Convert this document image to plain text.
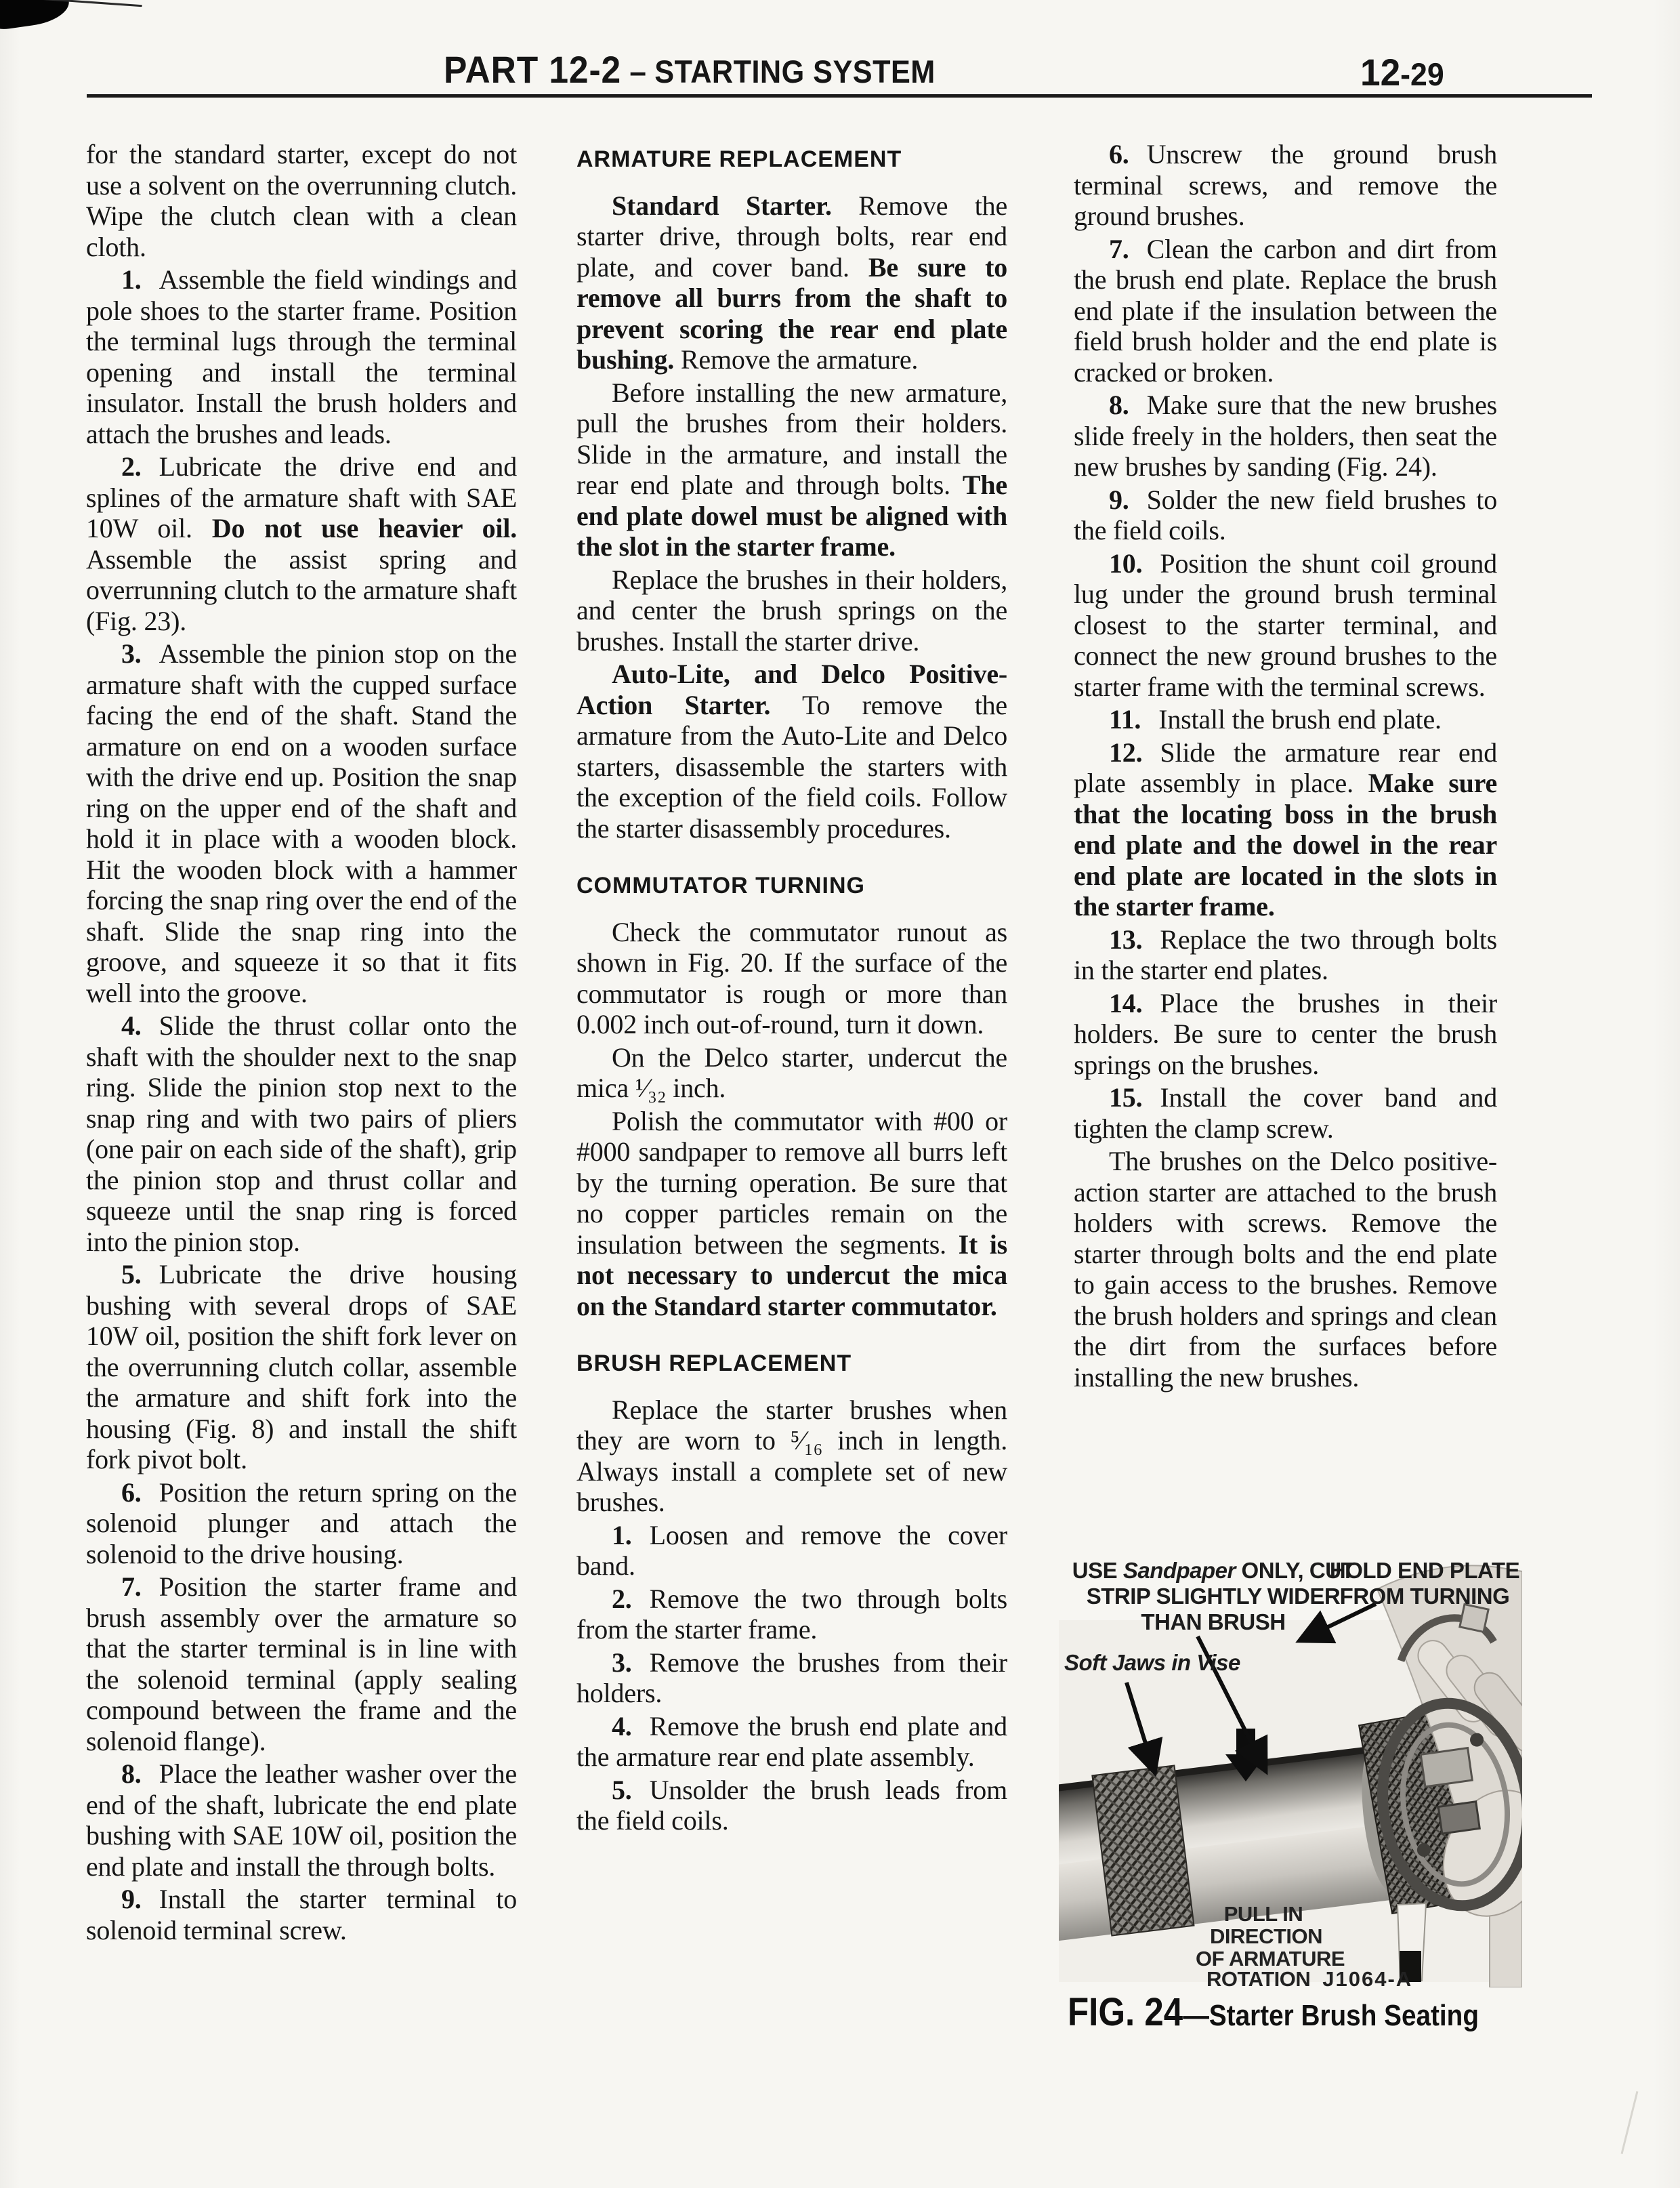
PART 12-2 – STARTING SYSTEM	12-29

for the standard starter, except do not use a solvent on the overrunning clutch. Wipe the clutch clean with a clean cloth.

1. Assemble the field windings and pole shoes to the starter frame. Position the terminal lugs through the terminal opening and install the terminal insulator. Install the brush holders and attach the brushes and leads.

2. Lubricate the drive end and splines of the armature shaft with SAE 10W oil. Do not use heavier oil. Assemble the assist spring and overrunning clutch to the armature shaft (Fig. 23).

3. Assemble the pinion stop on the armature shaft with the cupped surface facing the end of the shaft. Stand the armature on end on a wooden surface with the drive end up. Position the snap ring on the upper end of the shaft and hold it in place with a wooden block. Hit the wooden block with a hammer forcing the snap ring over the end of the shaft. Slide the snap ring into the groove, and squeeze it so that it fits well into the groove.

4. Slide the thrust collar onto the shaft with the shoulder next to the snap ring. Slide the pinion stop next to the snap ring and with two pairs of pliers (one pair on each side of the shaft), grip the pinion stop and thrust collar and squeeze until the snap ring is forced into the pinion stop.

5. Lubricate the drive housing bushing with several drops of SAE 10W oil, position the shift fork lever on the overrunning clutch collar, assemble the armature and shift fork into the housing (Fig. 8) and install the shift fork pivot bolt.

6. Position the return spring on the solenoid plunger and attach the solenoid to the drive housing.

7. Position the starter frame and brush assembly over the armature so that the starter terminal is in line with the solenoid terminal (apply sealing compound between the frame and the solenoid flange).

8. Place the leather washer over the end of the shaft, lubricate the end plate bushing with SAE 10W oil, position the end plate and install the through bolts.

9. Install the starter terminal to solenoid terminal screw.

ARMATURE REPLACEMENT

Standard Starter. Remove the starter drive, through bolts, rear end plate, and cover band. Be sure to remove all burrs from the shaft to prevent scoring the rear end plate bushing. Remove the armature.

Before installing the new armature, pull the brushes from their holders. Slide in the armature, and install the rear end plate and through bolts. The end plate dowel must be aligned with the slot in the starter frame.

Replace the brushes in their holders, and center the brush springs on the brushes. Install the starter drive.

Auto-Lite, and Delco Positive-Action Starter. To remove the armature from the Auto-Lite and Delco starters, disassemble the starters with the exception of the field coils. Follow the starter disassembly procedures.

COMMUTATOR TURNING

Check the commutator runout as shown in Fig. 20. If the surface of the commutator is rough or more than 0.002 inch out-of-round, turn it down.

On the Delco starter, undercut the mica ¹⁄₃₂ inch.

Polish the commutator with #00 or #000 sandpaper to remove all burrs left by the turning operation. Be sure that no copper particles remain on the insulation between the segments. It is not necessary to undercut the mica on the Standard starter commutator.

BRUSH REPLACEMENT

Replace the starter brushes when they are worn to ⁵⁄₁₆ inch in length. Always install a complete set of new brushes.

1. Loosen and remove the cover band.

2. Remove the two through bolts from the starter frame.

3. Remove the brushes from their holders.

4. Remove the brush end plate and the armature rear end plate assembly.

5. Unsolder the brush leads from the field coils.

6. Unscrew the ground brush terminal screws, and remove the ground brushes.

7. Clean the carbon and dirt from the brush end plate. Replace the brush end plate if the insulation between the field brush holder and the end plate is cracked or broken.

8. Make sure that the new brushes slide freely in the holders, then seat the new brushes by sanding (Fig. 24).

9. Solder the new field brushes to the field coils.

10. Position the shunt coil ground lug under the ground brush terminal closest to the starter terminal, and connect the new ground brushes to the starter frame with the terminal screws.

11. Install the brush end plate.

12. Slide the armature rear end plate assembly in place. Make sure that the locating boss in the brush end plate and the dowel in the rear end plate are located in the slots in the starter frame.

13. Replace the two through bolts in the starter end plates.

14. Place the brushes in their holders. Be sure to center the brush springs on the brushes.

15. Install the cover band and tighten the clamp screw.

The brushes on the Delco positive-action starter are attached to the brush holders with screws. Remove the starter through bolts and the end plate to gain access to the brushes. Remove the brush holders and springs and clean the dirt from the surfaces before installing the new brushes.

USE Sandpaper ONLY, CUT
STRIP SLIGHTLY WIDER
THAN BRUSH
HOLD END PLATE
FROM TURNING
Soft Jaws in Vise
PULL IN
DIRECTION
OF ARMATURE
ROTATION J1064-A
FIG. 24—Starter Brush Seating
